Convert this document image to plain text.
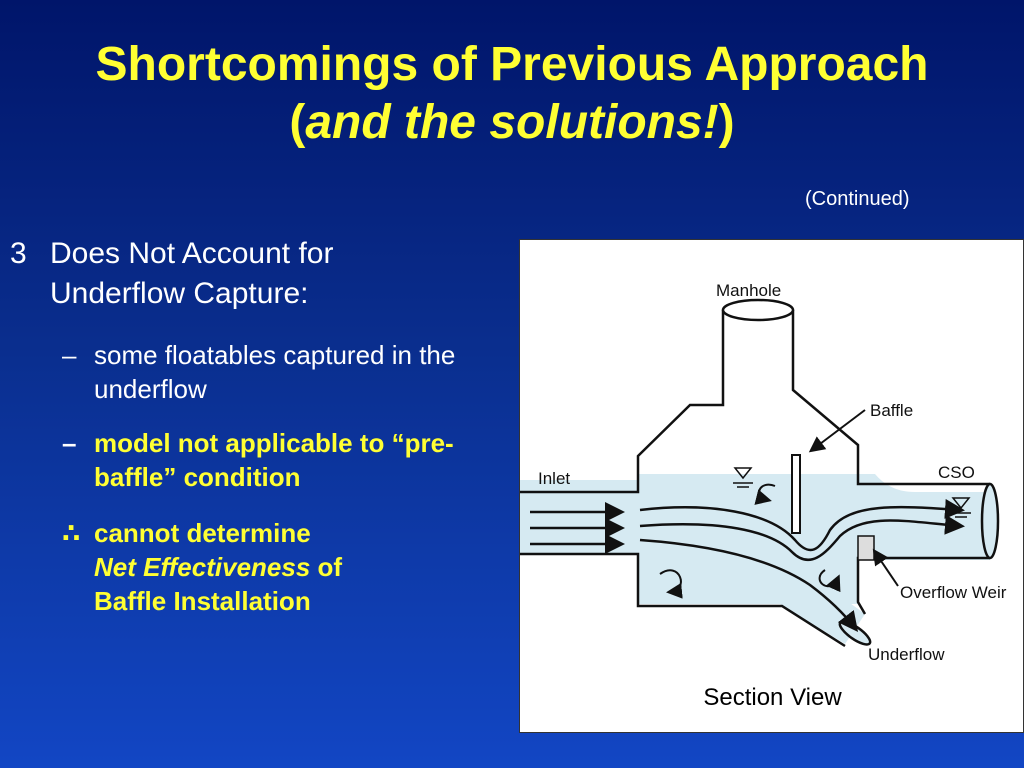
Shortcomings of Previous Approach
(and the solutions!)
(Continued)
3 Does Not Account for Underflow Capture:
– some floatables captured in the underflow
– model not applicable to “pre-baffle” condition
∴ cannot determine
Net Effectiveness of
Baffle Installation
Manhole
Baffle
Inlet	CSO
Overflow Weir
Underflow
Section View
